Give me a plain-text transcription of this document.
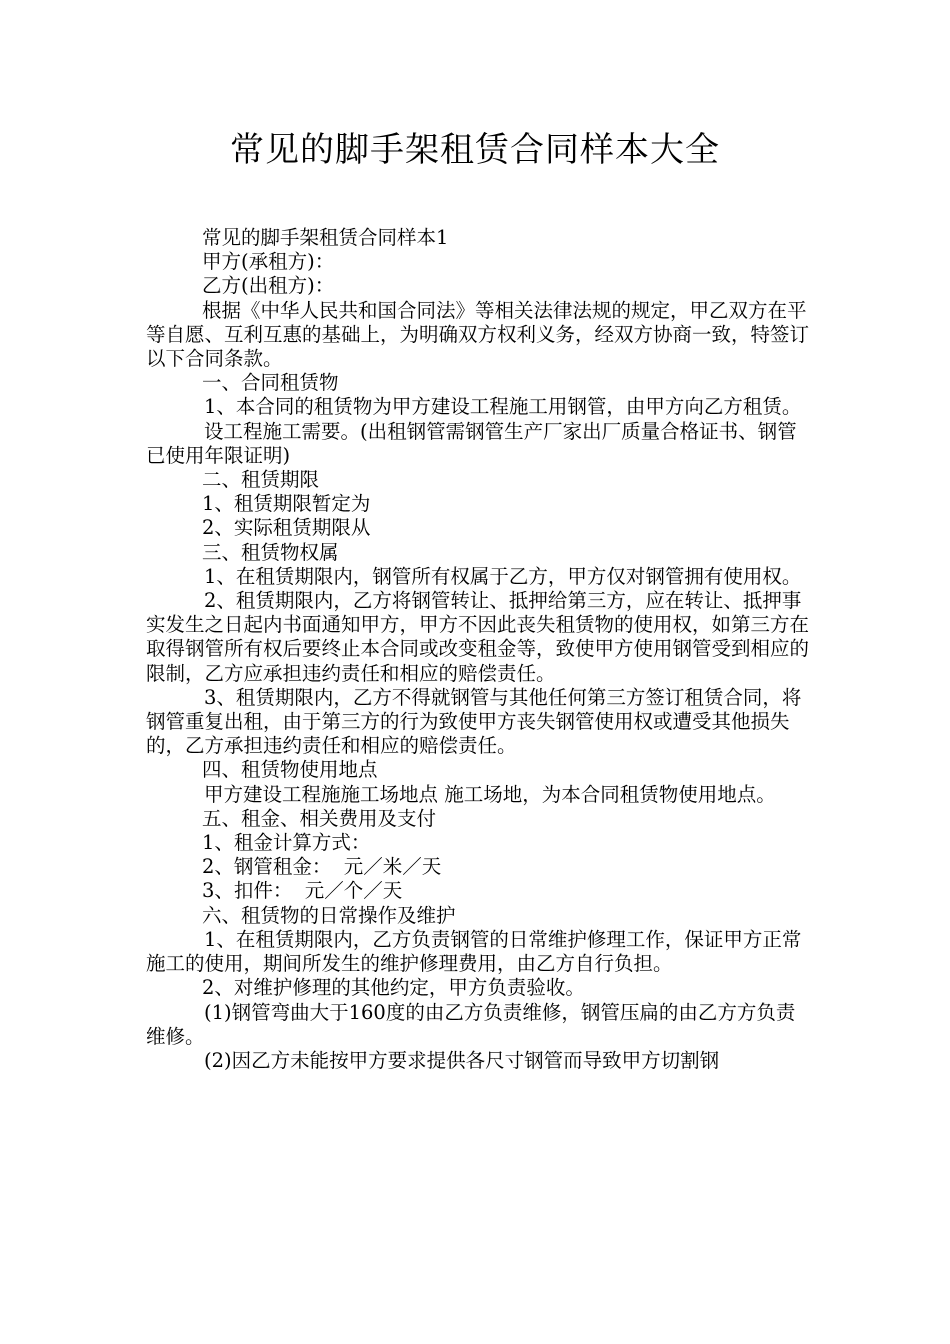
常见的脚手架租赁合同样本大全

常见的脚手架租赁合同样本1

甲方(承租方)：

乙方(出租方)：

根据《中华人民共和国合同法》等相关法律法规的规定，甲乙双方在平等自愿、互利互惠的基础上，为明确双方权利义务，经双方协商一致，特签订以下合同条款。

一、合同租赁物

1、本合同的租赁物为甲方建设工程施工用钢管，由甲方向乙方租赁。

设工程施工需要。(出租钢管需钢管生产厂家出厂质量合格证书、钢管已使用年限证明)

二、租赁期限

1、租赁期限暂定为

2、实际租赁期限从

三、租赁物权属

1、在租赁期限内，钢管所有权属于乙方，甲方仅对钢管拥有使用权。

2、租赁期限内，乙方将钢管转让、抵押给第三方，应在转让、抵押事实发生之日起内书面通知甲方，甲方不因此丧失租赁物的使用权，如第三方在取得钢管所有权后要终止本合同或改变租金等，致使甲方使用钢管受到相应的限制，乙方应承担违约责任和相应的赔偿责任。

3、租赁期限内，乙方不得就钢管与其他任何第三方签订租赁合同，将钢管重复出租，由于第三方的行为致使甲方丧失钢管使用权或遭受其他损失的，乙方承担违约责任和相应的赔偿责任。

四、租赁物使用地点

甲方建设工程施施工场地点 施工场地，为本合同租赁物使用地点。

五、租金、相关费用及支付

1、租金计算方式：

2、钢管租金：  元／米／天

3、扣件：  元／个／天

六、租赁物的日常操作及维护

1、在租赁期限内，乙方负责钢管的日常维护修理工作，保证甲方正常施工的使用，期间所发生的维护修理费用，由乙方自行负担。

2、对维护修理的其他约定，甲方负责验收。

(1)钢管弯曲大于160度的由乙方负责维修，钢管压扁的由乙方方负责维修。

(2)因乙方未能按甲方要求提供各尺寸钢管而导致甲方切割钢
